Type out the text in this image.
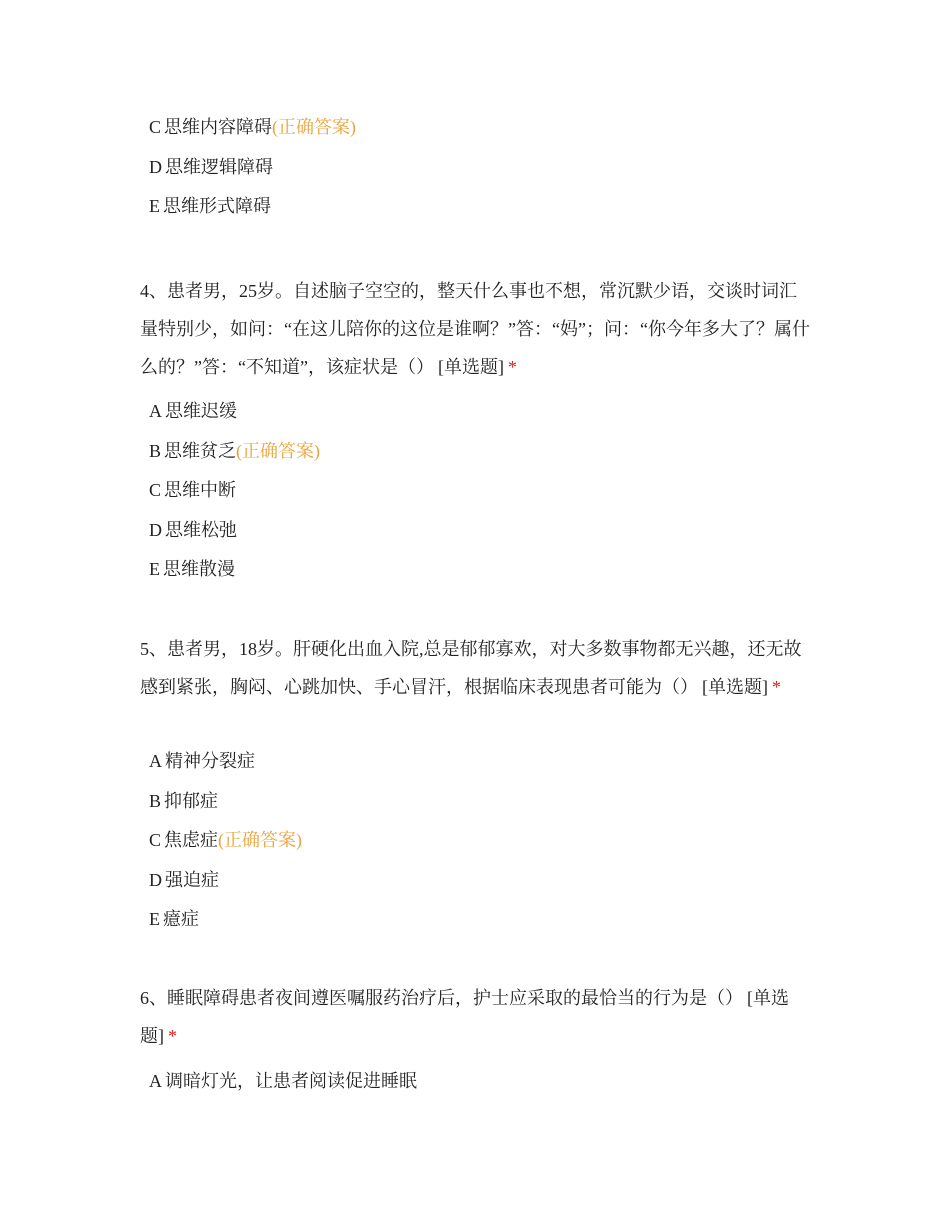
C 思维内容障碍(正确答案)
D 思维逻辑障碍
E 思维形式障碍
4、患者男，25岁。自述脑子空空的，整天什么事也不想，常沉默少语，交谈时词汇量特别少，如问：“在这儿陪你的这位是谁啊？”答：“妈”；问：“你今年多大了？属什么的？”答：“不知道”，该症状是（） [单选题] *
A 思维迟缓
B 思维贫乏(正确答案)
C 思维中断
D 思维松弛
E 思维散漫
5、患者男，18岁。肝硬化出血入院,总是郁郁寡欢，对大多数事物都无兴趣，还无故感到紧张，胸闷、心跳加快、手心冒汗，根据临床表现患者可能为（） [单选题] *
A 精神分裂症
B 抑郁症
C 焦虑症(正确答案)
D 强迫症
E 癔症
6、睡眠障碍患者夜间遵医嘱服药治疗后，护士应采取的最恰当的行为是（） [单选题] *
A 调暗灯光，让患者阅读促进睡眠
